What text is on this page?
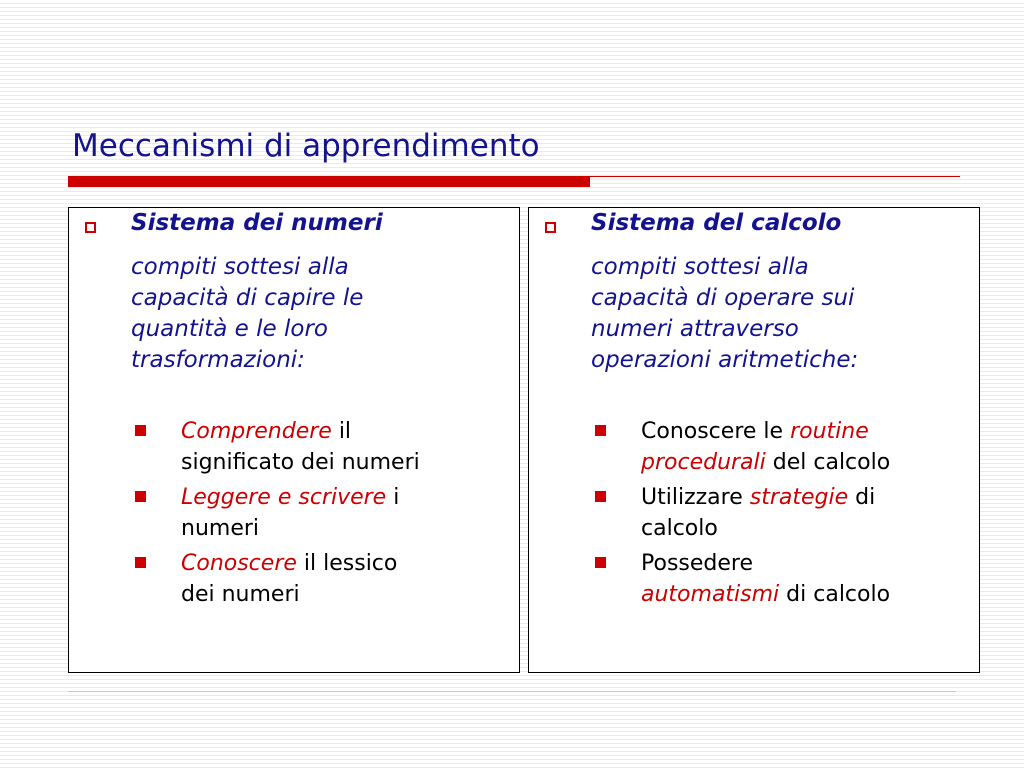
Meccanismi di apprendimento
Sistema dei numeri

compiti sottesi alla
capacità di capire le
quantità e le loro
trasformazioni:

Comprendere il
significato dei numeri
Leggere e scrivere i
numeri
Conoscere il lessico
dei numeri
Sistema del calcolo

compiti sottesi alla
capacità di operare sui
numeri attraverso
operazioni aritmetiche:

Conoscere le routine
procedurali del calcolo
Utilizzare strategie di
calcolo
Possedere
automatismi di calcolo
